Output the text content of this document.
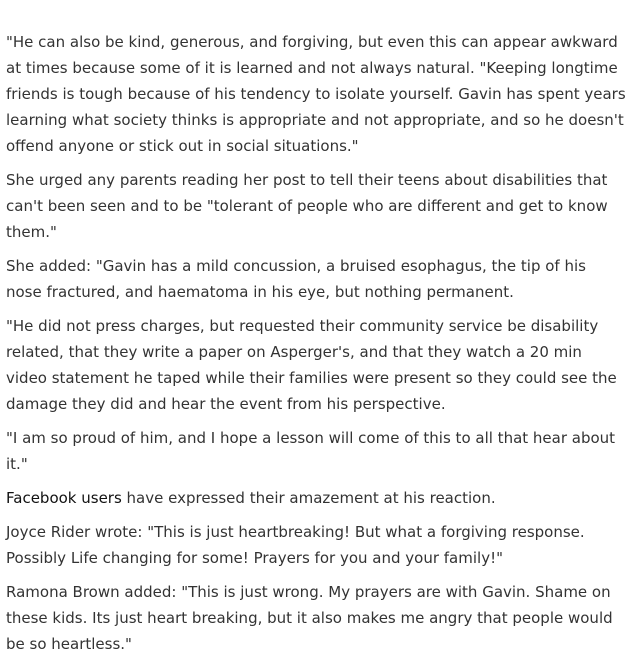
"He can also be kind, generous, and forgiving, but even this can appear awkward at times because some of it is learned and not always natural. "Keeping longtime friends is tough because of his tendency to isolate yourself. Gavin has spent years learning what society thinks is appropriate and not appropriate, and so he doesn't offend anyone or stick out in social situations."

She urged any parents reading her post to tell their teens about disabilities that can't been seen and to be "tolerant of people who are different and get to know them."

She added: "Gavin has a mild concussion, a bruised esophagus, the tip of his nose fractured, and haematoma in his eye, but nothing permanent.

"He did not press charges, but requested their community service be disability related, that they write a paper on Asperger's, and that they watch a 20 min video statement he taped while their families were present so they could see the damage they did and hear the event from his perspective.

"I am so proud of him, and I hope a lesson will come of this to all that hear about it."

Facebook users have expressed their amazement at his reaction.

Joyce Rider wrote: "This is just heartbreaking! But what a forgiving response. Possibly Life changing for some! Prayers for you and your family!"

Ramona Brown added: "This is just wrong. My prayers are with Gavin. Shame on these kids. Its just heart breaking, but it also makes me angry that people would be so heartless."
